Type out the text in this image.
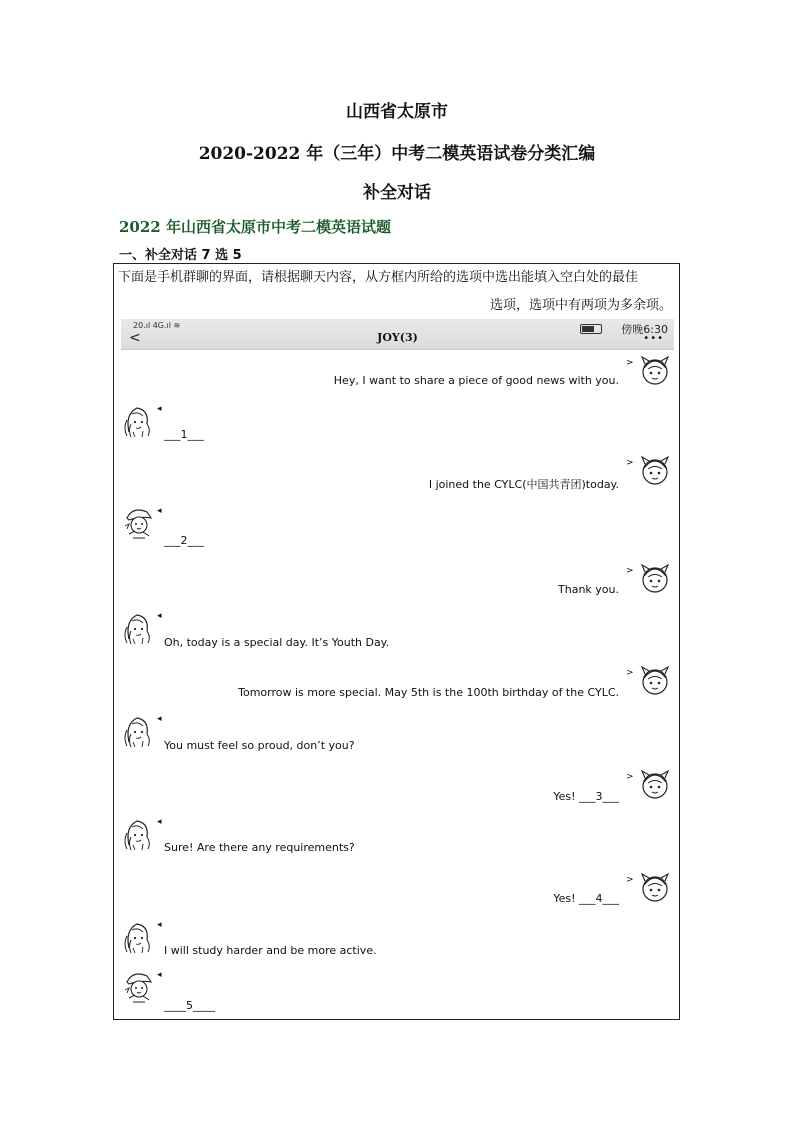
山西省太原市
2020-2022 年（三年）中考二模英语试卷分类汇编
补全对话
2022 年山西省太原市中考二模英语试题
一、补全对话 7 选 5
下面是手机群聊的界面，请根据聊天内容，从方框内所给的选项中选出能填入空白处的最佳
选项，选项中有两项为多余项。
20.ıl 4G.ıl ≋
<	JOY(3)
傍晚6:30
•••
Hey, I want to share a piece of good news with you.
>
___1___
◂
I joined the CYLC(中国共青团)today.
>
___2___
◂
Thank you.
>
Oh, today is a special day. It’s Youth Day.
◂
Tomorrow is more special. May 5th is the 100th birthday of the CYLC.
>
You must feel so proud, don’t you?
◂
Yes! ___3___
>
Sure! Are there any requirements?
◂
Yes! ___4___
>
I will study harder and be more active.
◂
____5____
◂
